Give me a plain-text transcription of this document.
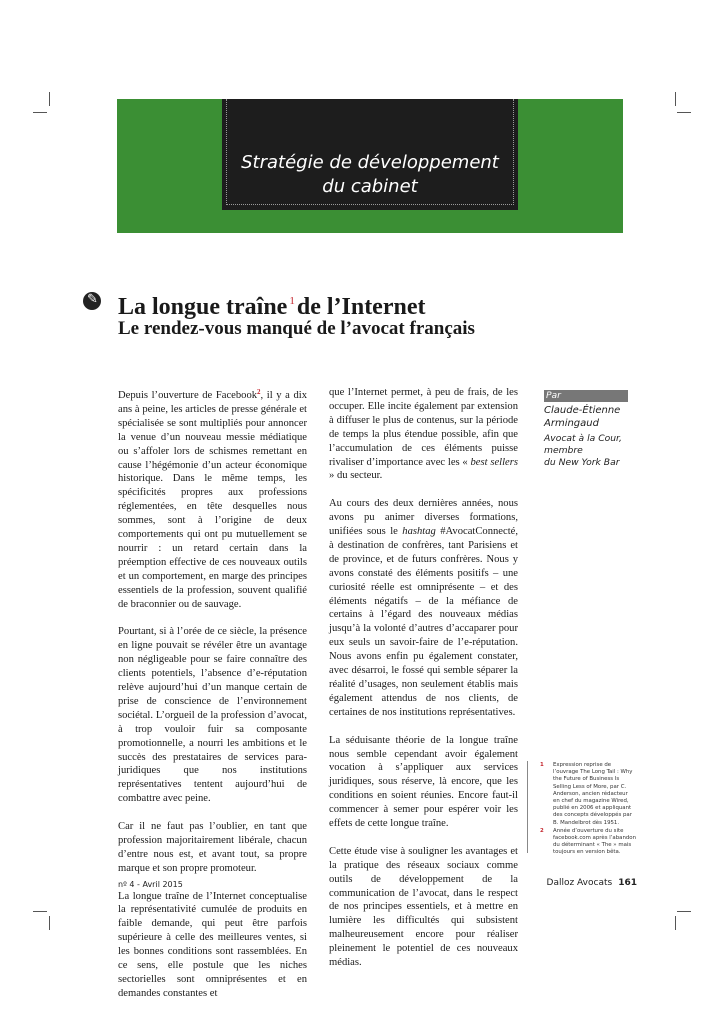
Stratégie de développement
du cabinet
✎ La longue traîne $^1$de l’Internet
Le rendez-vous manqué de l’avocat français

Depuis l’ouverture de Facebook$^2$, il y a dix ans à peine, les articles de presse générale et spécialisée se sont multipliés pour annoncer la venue d’un nouveau messie médiatique ou s’affoler lors de schismes remettant en cause l’hégémonie d’un acteur économique historique. Dans le même temps, les spécificités propres aux professions réglementées, en tête desquelles nous sommes, sont à l’origine de deux comportements qui ont pu mutuellement se nourrir : un retard certain dans la préemption effective de ces nouveaux outils et un comportement, en marge des principes essentiels de la profession, souvent qualifié de braconnier ou de sauvage.

Pourtant, si à l’orée de ce siècle, la présence en ligne pouvait se révéler être un avantage non négligeable pour se faire connaître des clients potentiels, l’absence d’e-réputation relève aujourd’hui d’un manque certain de prise de conscience de l’environnement sociétal. L’orgueil de la profession d’avocat, à trop vouloir fuir sa composante promotionnelle, a nourri les ambitions et le succès des prestataires de services para-juridiques que nos institutions représentatives tentent aujourd’hui de combattre avec peine.

Car il ne faut pas l’oublier, en tant que profession majoritairement libérale, chacun d’entre nous est, et avant tout, sa propre marque et son propre promoteur.

La longue traîne de l’Internet conceptualise la représentativité cumulée de produits en faible demande, qui peut être parfois supérieure à celle des meilleures ventes, si les bonnes conditions sont rassemblées. En ce sens, elle postule que les niches sectorielles sont omniprésentes et en demandes constantes et

que l’Internet permet, à peu de frais, de les occuper. Elle incite également par extension à diffuser le plus de contenus, sur la période de temps la plus étendue possible, afin que l’accumulation de ces éléments puisse rivaliser d’importance avec les « best sellers » du secteur.

Au cours des deux dernières années, nous avons pu animer diverses formations, unifiées sous le hashtag #AvocatConnecté, à destination de confrères, tant Parisiens et de province, et de futurs confrères. Nous y avons constaté des éléments positifs – une curiosité réelle est omniprésente – et des éléments négatifs – de la méfiance de certains à l’égard des nouveaux médias jusqu’à la volonté d’autres d’accaparer pour eux seuls un savoir-faire de l’e-réputation. Nous avons enfin pu également constater, avec désarroi, le fossé qui semble séparer la réalité d’usages, non seulement établis mais également attendus de nos clients, de certaines de nos institutions représentatives.

La séduisante théorie de la longue traîne nous semble cependant avoir également vocation à s’appliquer aux services juridiques, sous réserve, là encore, que les conditions en soient réunies. Encore faut-il commencer à semer pour espérer voir les effets de cette longue traîne.

Cette étude vise à souligner les avantages et la pratique des réseaux sociaux comme outils de développement de la communication de l’avocat, dans le respect de nos principes essentiels, et à mettre en lumière les difficultés qui subsistent malheureusement encore pour réaliser pleinement le potentiel de ces nouveaux médias.

Par
Claude-Étienne
Armingaud
Avocat à la Cour,
membre
du New York Bar
1 Expression reprise de l’ouvrage The Long Tail : Why the Future of Business Is Selling Less of More, par C. Anderson, ancien rédacteur en chef du magazine Wired, publié en 2006 et appliquant des concepts développés par B. Mandelbrot dès 1951.
2 Année d’ouverture du site facebook.com après l’abandon du déterminant « The » mais toujours en version bêta.
nº 4 - Avril 2015	Dalloz Avocats 161
